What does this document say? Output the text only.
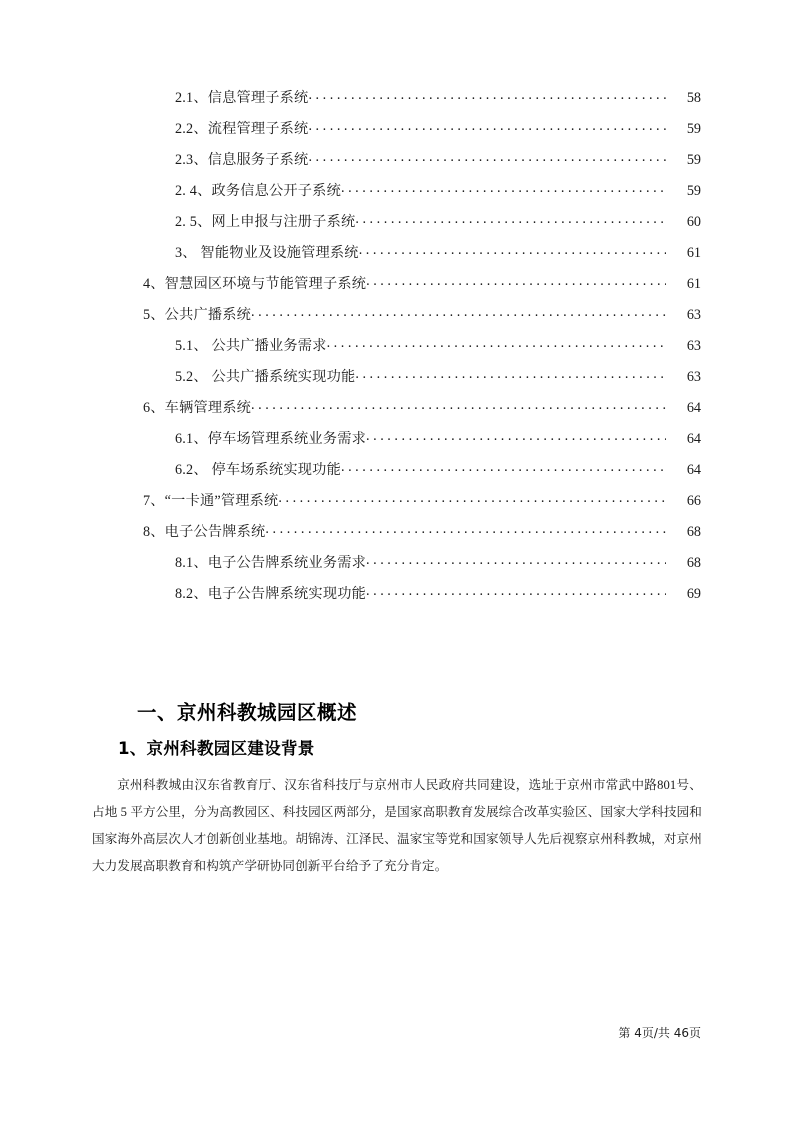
2.1、信息管理子系统 . . .	58
2.2、流程管理子系统 . . .	59
2.3、信息服务子系统 . . .	59
2. 4、政务信息公开子系统 . . .	59
2. 5、网上申报与注册子系统 . . .	60
3、 智能物业及设施管理系统 . . .	61
4、智慧园区环境与节能管理子系统 . . .	61
5、公共广播系统 . . .	63
5.1、 公共广播业务需求 . . .	63
5.2、 公共广播系统实现功能 . . .	63
6、车辆管理系统 . . .	64
6.1、停车场管理系统业务需求 . . .	64
6.2、 停车场系统实现功能 . . .	64
7、“一卡通”管理系统 . . .	66
8、电子公告牌系统 . . .	68
8.1、电子公告牌系统业务需求 . . .	68
8.2、电子公告牌系统实现功能 . . .	69
一、京州科教城园区概述
1、京州科教园区建设背景
京州科教城由汉东省教育厅、汉东省科技厅与京州市人民政府共同建设，选址于京州市常武中路801号、占地 5 平方公里，分为高教园区、科技园区两部分，是国家高职教育发展综合改革实验区、国家大学科技园和国家海外高层次人才创新创业基地。胡锦涛、江泽民、温家宝等党和国家领导人先后视察京州科教城，对京州大力发展高职教育和构筑产学研协同创新平台给予了充分肯定。
第 4页/共 46页
